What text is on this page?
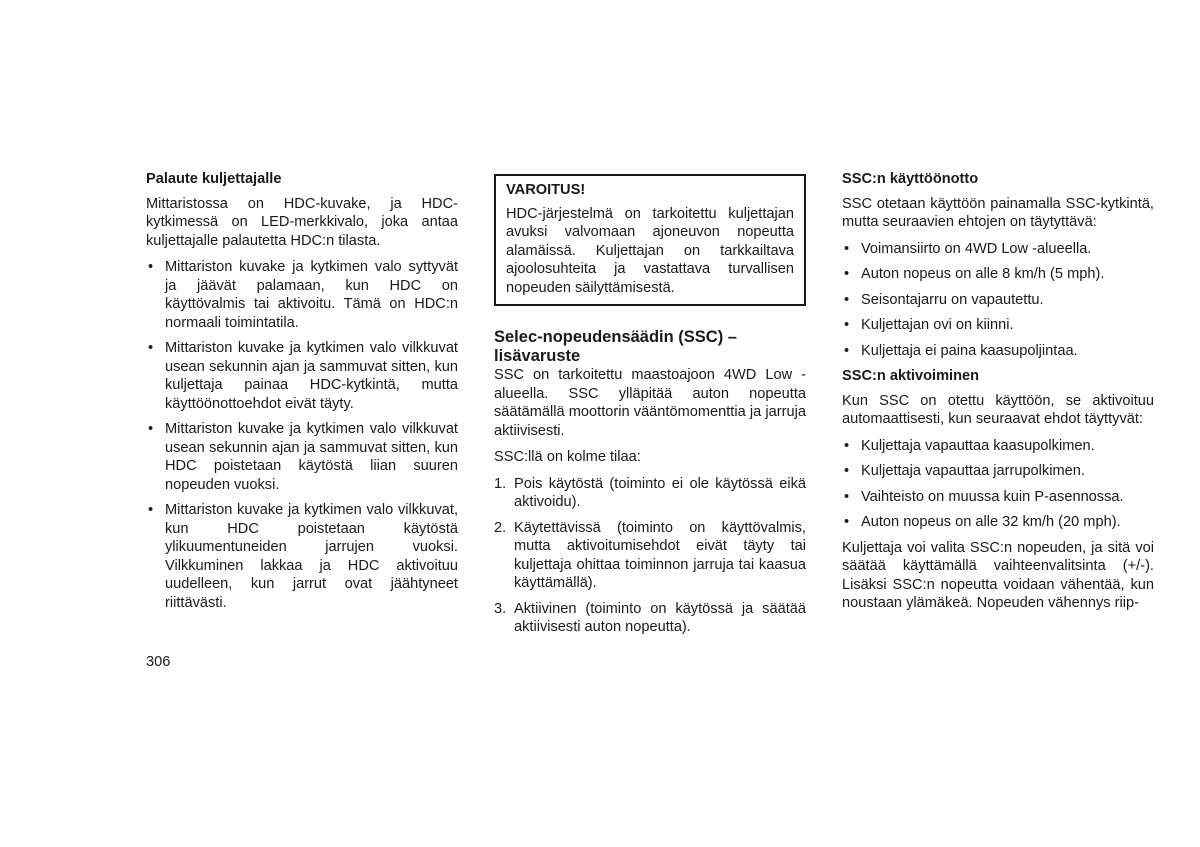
Palaute kuljettajalle

Mittaristossa on HDC-kuvake, ja HDC-kytkimessä on LED-merkkivalo, joka antaa kuljettajalle palautetta HDC:n tilasta.

• Mittariston kuvake ja kytkimen valo syttyvät ja jäävät palamaan, kun HDC on käyttövalmis tai aktivoitu. Tämä on HDC:n normaali toimintatila.
• Mittariston kuvake ja kytkimen valo vilkkuvat usean sekunnin ajan ja sammuvat sitten, kun kuljettaja painaa HDC-kytkintä, mutta käyttöönottoehdot eivät täyty.
• Mittariston kuvake ja kytkimen valo vilkkuvat usean sekunnin ajan ja sammuvat sitten, kun HDC poistetaan käytöstä liian suuren nopeuden vuoksi.
• Mittariston kuvake ja kytkimen valo vilkkuvat, kun HDC poistetaan käytöstä ylikuumentuneiden jarrujen vuoksi. Vilkkuminen lakkaa ja HDC aktivoituu uudelleen, kun jarrut ovat jäähtyneet riittävästi.
VAROITUS!
HDC-järjestelmä on tarkoitettu kuljettajan avuksi valvomaan ajoneuvon nopeutta alamäissä. Kuljettajan on tarkkailtava ajoolosuhteita ja vastattava turvallisen nopeuden säilyttämisestä.
Selec-nopeudensäädin (SSC) –
lisävaruste

SSC on tarkoitettu maastoajoon 4WD Low -alueella. SSC ylläpitää auton nopeutta säätämällä moottorin vääntömomenttia ja jarruja aktiivisesti.

SSC:llä on kolme tilaa:

1. Pois käytöstä (toiminto ei ole käytössä eikä aktivoidu).
2. Käytettävissä (toiminto on käyttövalmis, mutta aktivoitumisehdot eivät täyty tai kuljettaja ohittaa toiminnon jarruja tai kaasua käyttämällä).
3. Aktiivinen (toiminto on käytössä ja säätää aktiivisesti auton nopeutta).
SSC:n käyttöönotto

SSC otetaan käyttöön painamalla SSC-kytkintä, mutta seuraavien ehtojen on täytyttävä:

• Voimansiirto on 4WD Low -alueella.
• Auton nopeus on alle 8 km/h (5 mph).
• Seisontajarru on vapautettu.
• Kuljettajan ovi on kiinni.
• Kuljettaja ei paina kaasupoljintaa.
SSC:n aktivoiminen

Kun SSC on otettu käyttöön, se aktivoituu automaattisesti, kun seuraavat ehdot täyttyvät:

• Kuljettaja vapauttaa kaasupolkimen.
• Kuljettaja vapauttaa jarrupolkimen.
• Vaihteisto on muussa kuin P-asennossa.
• Auton nopeus on alle 32 km/h (20 mph).

Kuljettaja voi valita SSC:n nopeuden, ja sitä voi säätää käyttämällä vaihteenvalitsinta (+/-). Lisäksi SSC:n nopeutta voidaan vähentää, kun noustaan ylämäkeä. Nopeuden vähennys riip-

306
